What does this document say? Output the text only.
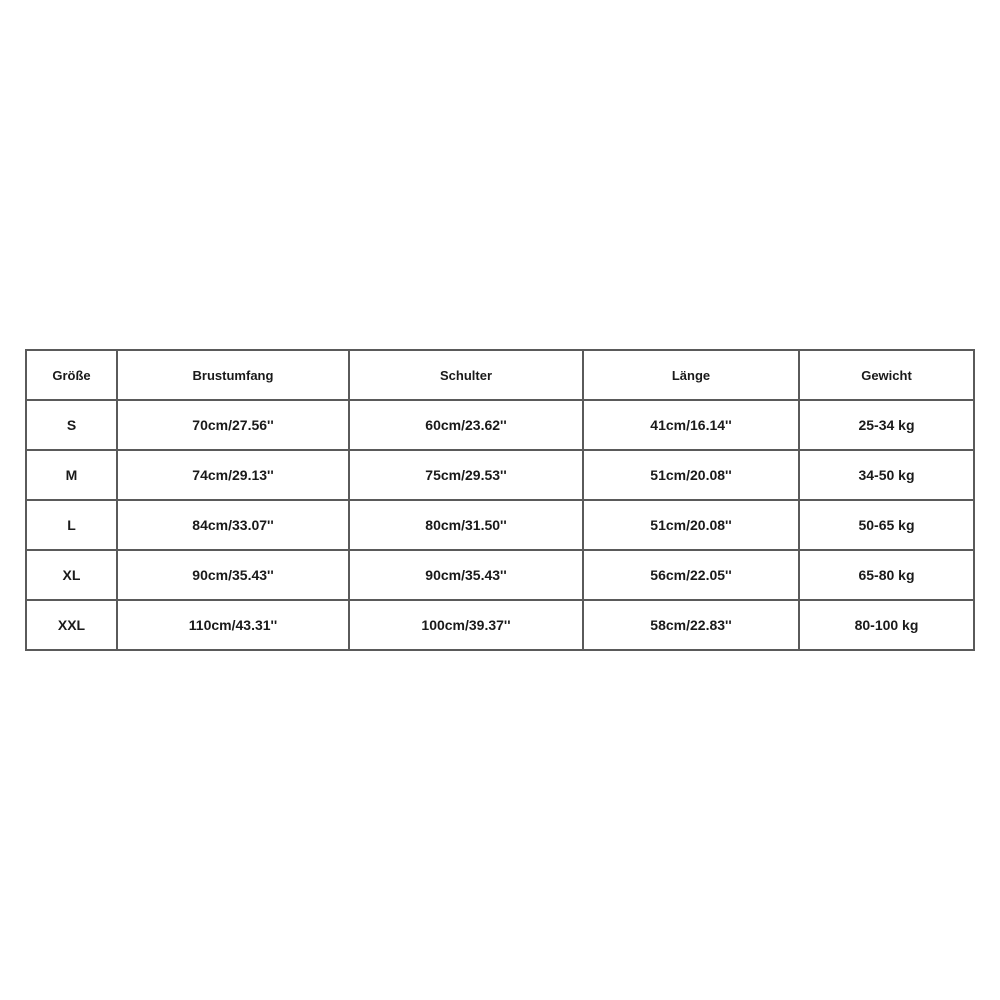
Größe	Brustumfang	Schulter	Länge	Gewicht
S	70cm/27.56''	60cm/23.62''	41cm/16.14''	25-34 kg
M	74cm/29.13''	75cm/29.53''	51cm/20.08''	34-50 kg
L	84cm/33.07''	80cm/31.50''	51cm/20.08''	50-65 kg
XL	90cm/35.43''	90cm/35.43''	56cm/22.05''	65-80 kg
XXL	110cm/43.31''	100cm/39.37''	58cm/22.83''	80-100 kg
